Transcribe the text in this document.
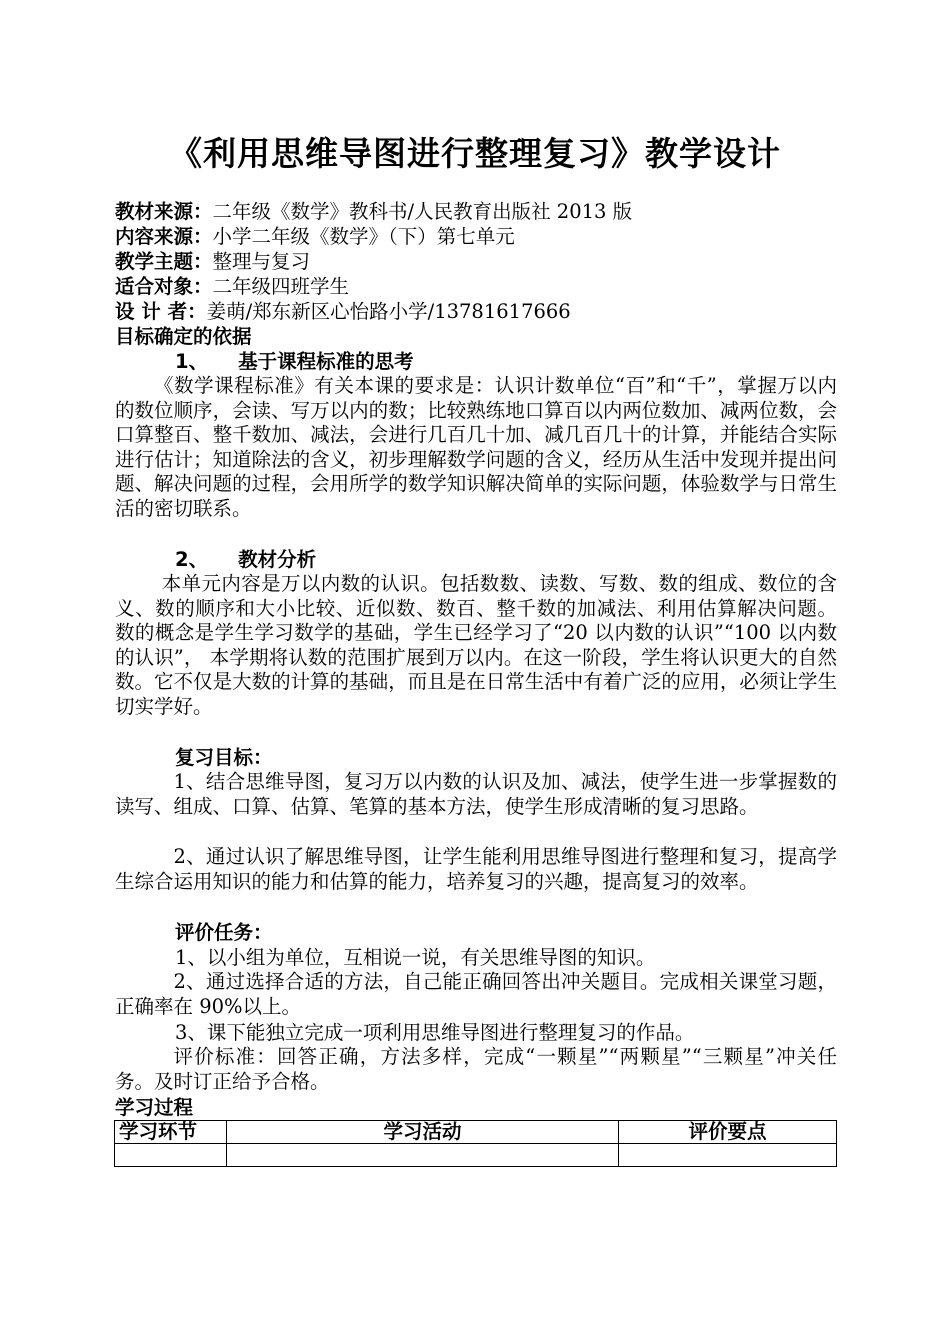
《利用思维导图进行整理复习》教学设计
教材来源：二年级《数学》教科书/人民教育出版社 2013 版
内容来源：小学二年级《数学》（下）第七单元
教学主题：整理与复习
适合对象：二年级四班学生
设 计 者：姜萌/郑东新区心怡路小学/13781617666
目标确定的依据
1、 基于课程标准的思考
《数学课程标准》有关本课的要求是：认识计数单位“百”和“千”，掌握万以内的数位顺序，会读、写万以内的数；比较熟练地口算百以内两位数加、减两位数，会口算整百、整千数加、减法，会进行几百几十加、减几百几十的计算，并能结合实际进行估计；知道除法的含义，初步理解数学问题的含义，经历从生活中发现并提出问题、解决问题的过程，会用所学的数学知识解决简单的实际问题，体验数学与日常生活的密切联系。
2、 教材分析
本单元内容是万以内数的认识。包括数数、读数、写数、数的组成、数位的含义、数的顺序和大小比较、近似数、数百、整千数的加减法、利用估算解决问题。 数的概念是学生学习数学的基础，学生已经学习了“20 以内数的认识”“100 以内数的认识”， 本学期将认数的范围扩展到万以内。在这一阶段，学生将认识更大的自然数。它不仅是大数的计算的基础，而且是在日常生活中有着广泛的应用，必须让学生切实学好。
复习目标：
1、结合思维导图，复习万以内数的认识及加、减法，使学生进一步掌握数的读写、组成、口算、估算、笔算的基本方法，使学生形成清晰的复习思路。
2、通过认识了解思维导图，让学生能利用思维导图进行整理和复习，提高学生综合运用知识的能力和估算的能力，培养复习的兴趣，提高复习的效率。
评价任务：
1、以小组为单位，互相说一说，有关思维导图的知识。
2、通过选择合适的方法，自己能正确回答出冲关题目。完成相关课堂习题，正确率在 90%以上。
3、课下能独立完成一项利用思维导图进行整理复习的作品。
评价标准：回答正确，方法多样，完成“一颗星”“两颗星”“三颗星”冲关任务。及时订正给予合格。
学习过程
学习环节	学习活动	评价要点
